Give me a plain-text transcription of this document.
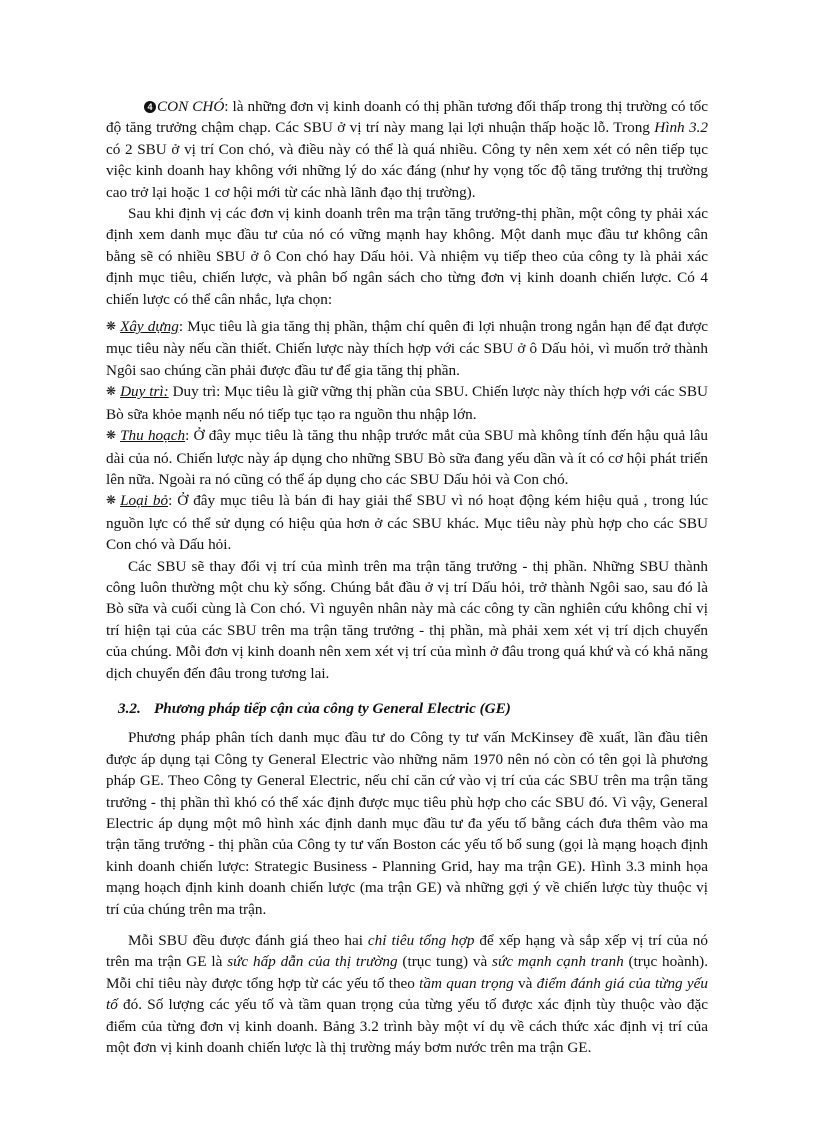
4 CON CHÓ: là những đơn vị kinh doanh có thị phần tương đối thấp trong thị trường có tốc độ tăng trưởng chậm chạp. Các SBU ở vị trí này mang lại lợi nhuận thấp hoặc lỗ. Trong Hình 3.2 có 2 SBU ở vị trí Con chó, và điều này có thể là quá nhiều. Công ty nên xem xét có nên tiếp tục việc kinh doanh hay không với những lý do xác đáng (như hy vọng tốc độ tăng trưởng thị trường cao trở lại hoặc 1 cơ hội mới từ các nhà lãnh đạo thị trường).

Sau khi định vị các đơn vị kinh doanh trên ma trận tăng trưởng-thị phần, một công ty phải xác định xem danh mục đầu tư của nó có vững mạnh hay không. Một danh mục đầu tư không cân bằng sẽ có nhiều SBU ở ô Con chó hay Dấu hỏi. Và nhiệm vụ tiếp theo của công ty là phải xác định mục tiêu, chiến lược, và phân bố ngân sách cho từng đơn vị kinh doanh chiến lược. Có 4 chiến lược có thể cân nhắc, lựa chọn:

❋ Xây dựng: Mục tiêu là gia tăng thị phần, thậm chí quên đi lợi nhuận trong ngắn hạn để đạt được mục tiêu này nếu cần thiết. Chiến lược này thích hợp với các SBU ở ô Dấu hỏi, vì muốn trở thành Ngôi sao chúng cần phải được đầu tư để gia tăng thị phần.

❋ Duy trì: Duy trì: Mục tiêu là giữ vững thị phần của SBU. Chiến lược này thích hợp với các SBU Bò sữa khỏe mạnh nếu nó tiếp tục tạo ra nguồn thu nhập lớn.

❋ Thu hoạch: Ở đây mục tiêu là tăng thu nhập trước mắt của SBU mà không tính đến hậu quả lâu dài của nó. Chiến lược này áp dụng cho những SBU Bò sữa đang yếu dần và ít có cơ hội phát triển lên nữa. Ngoài ra nó cũng có thể áp dụng cho các SBU Dấu hỏi và Con chó.

❋ Loại bỏ: Ở đây mục tiêu là bán đi hay giải thể SBU vì nó hoạt động kém hiệu quả , trong lúc nguồn lực có thể sử dụng có hiệu qủa hơn ở các SBU khác. Mục tiêu này phù hợp cho các SBU Con chó và Dấu hỏi.

Các SBU sẽ thay đổi vị trí của mình trên ma trận tăng trưởng - thị phần. Những SBU thành công luôn thường một chu kỳ sống. Chúng bắt đầu ở vị trí Dấu hỏi, trở thành Ngôi sao, sau đó là Bò sữa và cuối cùng là Con chó. Vì nguyên nhân này mà các công ty cần nghiên cứu không chỉ vị trí hiện tại của các SBU trên ma trận tăng trưởng - thị phần, mà phải xem xét vị trí dịch chuyển của chúng. Mỗi đơn vị kinh doanh nên xem xét vị trí của mình ở đâu trong quá khứ và có khả năng dịch chuyển đến đâu trong tương lai.

3.2. Phương pháp tiếp cận của công ty General Electric (GE)

Phương pháp phân tích danh mục đầu tư do Công ty tư vấn McKinsey đề xuất, lần đầu tiên được áp dụng tại Công ty General Electric vào những năm 1970 nên nó còn có tên gọi là phương pháp GE. Theo Công ty General Electric, nếu chỉ căn cứ vào vị trí của các SBU trên ma trận tăng trưởng - thị phần thì khó có thể xác định được mục tiêu phù hợp cho các SBU đó. Vì vậy, General Electric áp dụng một mô hình xác định danh mục đầu tư đa yếu tố bằng cách đưa thêm vào ma trận tăng trưởng - thị phần của Công ty tư vấn Boston các yếu tố bổ sung (gọi là mạng hoạch định kinh doanh chiến lược: Strategic Business - Planning Grid, hay ma trận GE). Hình 3.3 minh họa mạng hoạch định kinh doanh chiến lược (ma trận GE) và những gợi ý về chiến lược tùy thuộc vị trí của chúng trên ma trận.

Mỗi SBU đều được đánh giá theo hai chỉ tiêu tổng hợp để xếp hạng và sắp xếp vị trí của nó trên ma trận GE là sức hấp dẫn của thị trường (trục tung) và sức mạnh cạnh tranh (trục hoành). Mỗi chỉ tiêu này được tổng hợp từ các yếu tố theo tầm quan trọng và điểm đánh giá của từng yếu tố đó. Số lượng các yếu tố và tầm quan trọng của từng yếu tố được xác định tùy thuộc vào đặc điểm của từng đơn vị kinh doanh. Bảng 3.2 trình bày một ví dụ về cách thức xác định vị trí của một đơn vị kinh doanh chiến lược là thị trường máy bơm nước trên ma trận GE.
